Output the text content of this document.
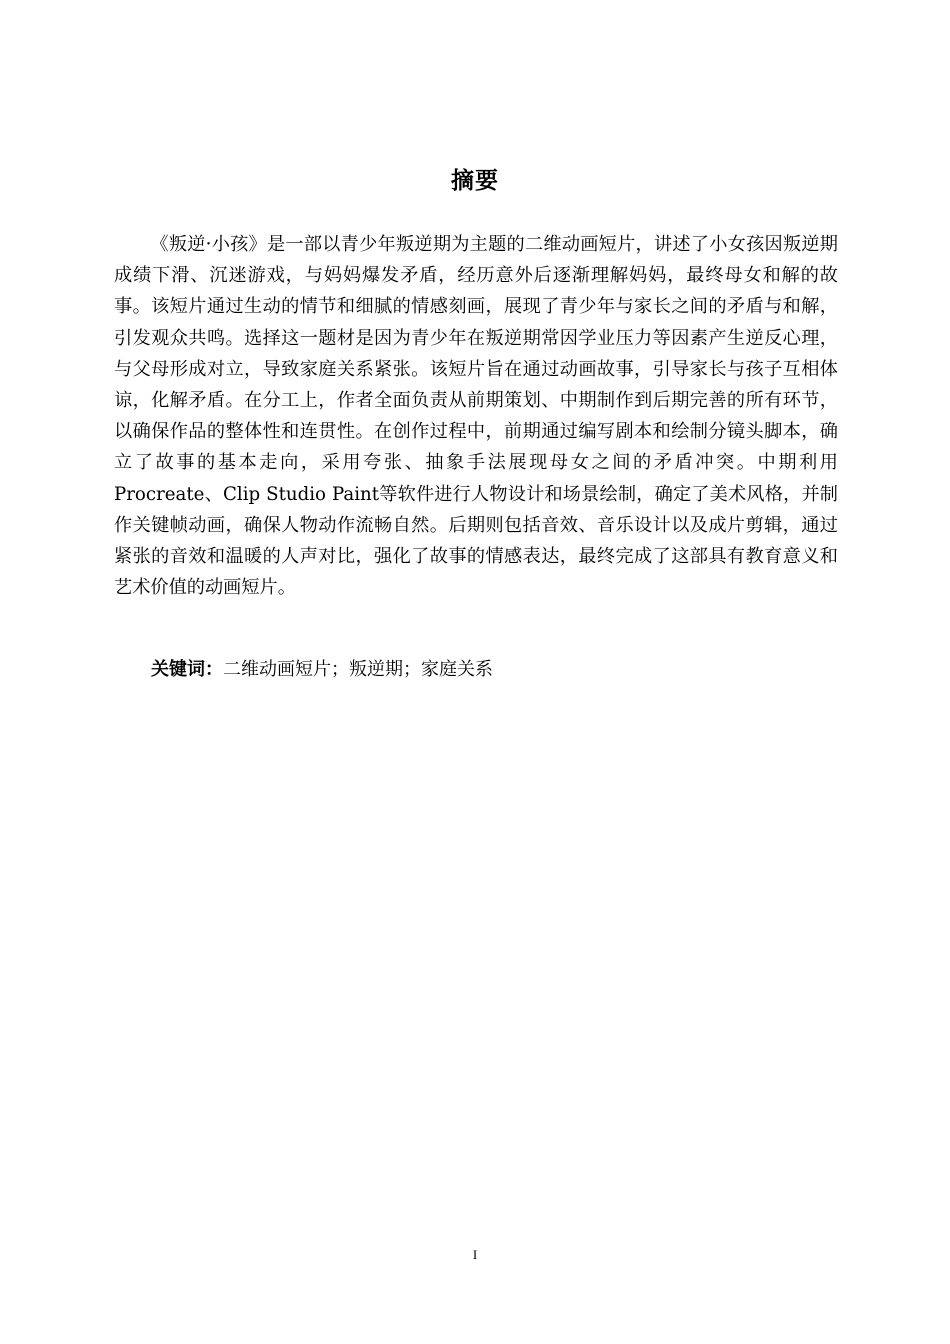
摘要

《叛逆·小孩》是一部以青少年叛逆期为主题的二维动画短片，讲述了小女孩因叛逆期成绩下滑、沉迷游戏，与妈妈爆发矛盾，经历意外后逐渐理解妈妈，最终母女和解的故事。该短片通过生动的情节和细腻的情感刻画，展现了青少年与家长之间的矛盾与和解，引发观众共鸣。选择这一题材是因为青少年在叛逆期常因学业压力等因素产生逆反心理，与父母形成对立，导致家庭关系紧张。该短片旨在通过动画故事，引导家长与孩子互相体谅，化解矛盾。在分工上，作者全面负责从前期策划、中期制作到后期完善的所有环节，以确保作品的整体性和连贯性。在创作过程中，前期通过编写剧本和绘制分镜头脚本，确立了故事的基本走向，采用夸张、抽象手法展现母女之间的矛盾冲突。中期利用Procreate、Clip Studio Paint等软件进行人物设计和场景绘制，确定了美术风格，并制作关键帧动画，确保人物动作流畅自然。后期则包括音效、音乐设计以及成片剪辑，通过紧张的音效和温暖的人声对比，强化了故事的情感表达，最终完成了这部具有教育意义和艺术价值的动画短片。

关键词：二维动画短片；叛逆期；家庭关系
I
